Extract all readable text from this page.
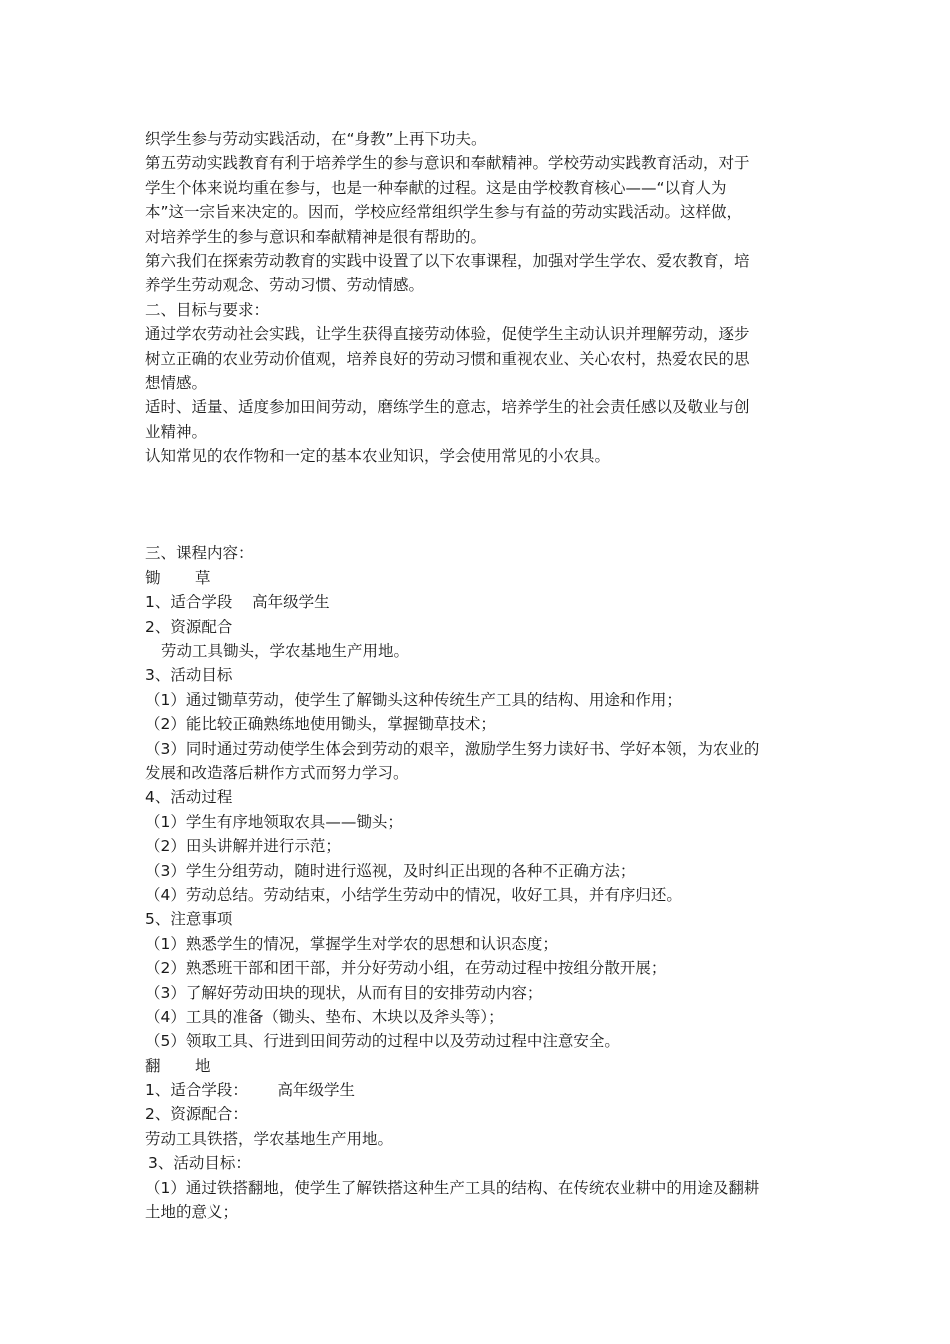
织学生参与劳动实践活动，在“身教”上再下功夫。
第五劳动实践教育有利于培养学生的参与意识和奉献精神。学校劳动实践教育活动，对于
学生个体来说均重在参与，也是一种奉献的过程。这是由学校教育核心——“以育人为
本”这一宗旨来决定的。因而，学校应经常组织学生参与有益的劳动实践活动。这样做，
对培养学生的参与意识和奉献精神是很有帮助的。
第六我们在探索劳动教育的实践中设置了以下农事课程，加强对学生学农、爱农教育，培
养学生劳动观念、劳动习惯、劳动情感。
二、目标与要求：
通过学农劳动社会实践，让学生获得直接劳动体验，促使学生主动认识并理解劳动，逐步
树立正确的农业劳动价值观，培养良好的劳动习惯和重视农业、关心农村，热爱农民的思
想情感。
适时、适量、适度参加田间劳动，磨练学生的意志，培养学生的社会责任感以及敬业与创
业精神。
认知常见的农作物和一定的基本农业知识，学会使用常见的小农具。
三、课程内容：
锄 草
1、适合学段 高年级学生
2、资源配合
劳动工具锄头，学农基地生产用地。
3、活动目标
（1）通过锄草劳动，使学生了解锄头这种传统生产工具的结构、用途和作用；
（2）能比较正确熟练地使用锄头，掌握锄草技术；
（3）同时通过劳动使学生体会到劳动的艰辛，激励学生努力读好书、学好本领，为农业的
发展和改造落后耕作方式而努力学习。
4、活动过程
（1）学生有序地领取农具——锄头；
（2）田头讲解并进行示范；
（3）学生分组劳动，随时进行巡视，及时纠正出现的各种不正确方法；
（4）劳动总结。劳动结束，小结学生劳动中的情况，收好工具，并有序归还。
5、注意事项
（1）熟悉学生的情况，掌握学生对学农的思想和认识态度；
（2）熟悉班干部和团干部，并分好劳动小组，在劳动过程中按组分散开展；
（3）了解好劳动田块的现状，从而有目的安排劳动内容；
（4）工具的准备（锄头、垫布、木块以及斧头等）；
（5）领取工具、行进到田间劳动的过程中以及劳动过程中注意安全。
翻 地
1、适合学段： 高年级学生
2、资源配合：
劳动工具铁搭，学农基地生产用地。
3、活动目标：
（1）通过铁搭翻地，使学生了解铁搭这种生产工具的结构、在传统农业耕中的用途及翻耕
土地的意义；
